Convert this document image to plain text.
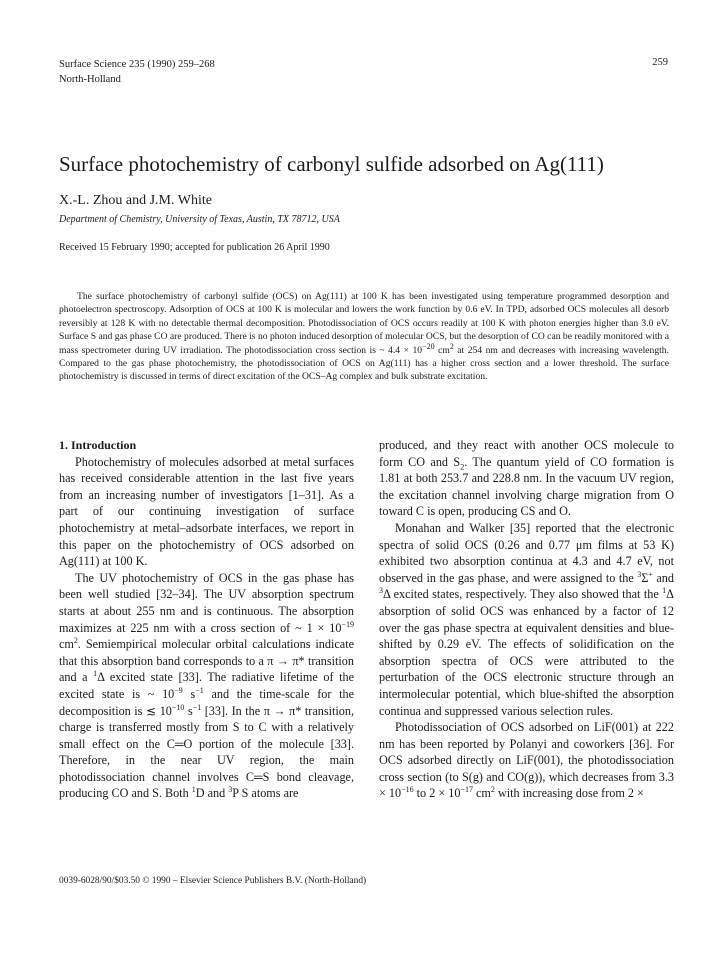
Surface Science 235 (1990) 259–268
North-Holland
259
Surface photochemistry of carbonyl sulfide adsorbed on Ag(111)
X.-L. Zhou and J.M. White
Department of Chemistry, University of Texas, Austin, TX 78712, USA
Received 15 February 1990; accepted for publication 26 April 1990
The surface photochemistry of carbonyl sulfide (OCS) on Ag(111) at 100 K has been investigated using temperature programmed desorption and photoelectron spectroscopy. Adsorption of OCS at 100 K is molecular and lowers the work function by 0.6 eV. In TPD, adsorbed OCS molecules all desorb reversibly at 128 K with no detectable thermal decomposition. Photodissociation of OCS occurs readily at 100 K with photon energies higher than 3.0 eV. Surface S and gas phase CO are produced. There is no photon induced desorption of molecular OCS, but the desorption of CO can be readily monitored with a mass spectrometer during UV irradiation. The photodissociation cross section is ~ $4.4 \times 10^{-20}$ $cm^2$ at 254 nm and decreases with increasing wavelength. Compared to the gas phase photochemistry, the photodissociation of OCS on Ag(111) has a higher cross section and a lower threshold. The surface photochemistry is discussed in terms of direct excitation of the OCS–Ag complex and bulk substrate excitation.

1. Introduction

Photochemistry of molecules adsorbed at metal surfaces has received considerable attention in the last five years from an increasing number of investigators [1–31]. As a part of our continuing investigation of surface photochemistry at metal–adsorbate interfaces, we report in this paper on the photochemistry of OCS adsorbed on Ag(111) at 100 K.

The UV photochemistry of OCS in the gas phase has been well studied [32–34]. The UV absorption spectrum starts at about 255 nm and is continuous. The absorption maximizes at 225 nm with a cross section of ~ $1 \times 10^{-19}$ $cm^2$. Semiempirical molecular orbital calculations indicate that this absorption band corresponds to a π → π* transition and a $^1$Δ excited state [33]. The radiative lifetime of the excited state is ~ $10^{-9}$ $s^{-1}$ and the time-scale for the decomposition is ≲ $10^{-10}$ $s^{-1}$ [33]. In the π → π* transition, charge is transferred mostly from S to C with a relatively small effect on the C═O portion of the molecule [33]. Therefore, in the near UV region, the main photodissociation channel involves C═S bond cleavage, producing CO and S. Both $^1$D and $^3$P S atoms are

produced, and they react with another OCS molecule to form CO and $S_2$. The quantum yield of CO formation is 1.81 at both 253.7 and 228.8 nm. In the vacuum UV region, the excitation channel involving charge migration from O toward C is open, producing CS and O.

Monahan and Walker [35] reported that the electronic spectra of solid OCS (0.26 and 0.77 μm films at 53 K) exhibited two absorption continua at 4.3 and 4.7 eV, not observed in the gas phase, and were assigned to the $^3$Σ+ and $^3$Δ excited states, respectively. They also showed that the $^1$Δ absorption of solid OCS was enhanced by a factor of 12 over the gas phase spectra at equivalent densities and blue-shifted by 0.29 eV. The effects of solidification on the absorption spectra of OCS were attributed to the perturbation of the OCS electronic structure through an intermolecular potential, which blue-shifted the absorption continua and suppressed various selection rules.

Photodissociation of OCS adsorbed on LiF(001) at 222 nm has been reported by Polanyi and coworkers [36]. For OCS adsorbed directly on LiF(001), the photodissociation cross section (to S(g) and CO(g)), which decreases from $3.3 \times 10^{-16}$ to $2 \times 10^{-17}$ $cm^2$ with increasing dose from 2 ×

0039-6028/90/$03.50 © 1990 – Elsevier Science Publishers B.V. (North-Holland)
